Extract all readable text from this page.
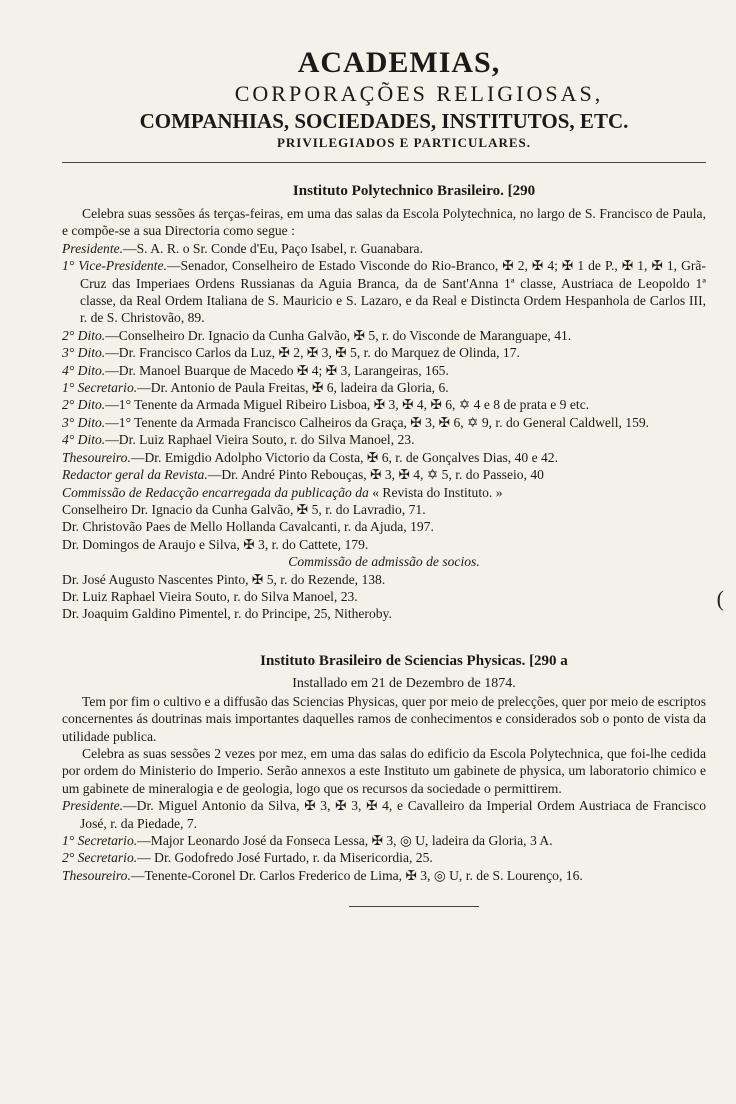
ACADEMIAS,
CORPORAÇÕES RELIGIOSAS,
COMPANHIAS, SOCIEDADES, INSTITUTOS, ETC.
PRIVILEGIADOS E PARTICULARES.
Instituto Polytechnico Brasileiro. [290

Celebra suas sessões ás terças-feiras, em uma das salas da Escola Polytechnica, no largo de S. Francisco de Paula, e compõe-se a sua Directoria como segue :

Presidente.—S. A. R. o Sr. Conde d'Eu, Paço Isabel, r. Guanabara.

1° Vice-Presidente.—Senador, Conselheiro de Estado Visconde do Rio-Branco, ✠ 2, ✠ 4; ✠ 1 de P., ✠ 1, ✠ 1, Grã-Cruz das Imperiaes Ordens Russianas da Aguia Branca, da de Sant'Anna 1ª classe, Austriaca de Leopoldo 1ª classe, da Real Ordem Italiana de S. Mauricio e S. Lazaro, e da Real e Distincta Ordem Hespanhola de Carlos III, r. de S. Christovão, 89.

2° Dito.—Conselheiro Dr. Ignacio da Cunha Galvão, ✠ 5, r. do Visconde de Maranguape, 41.

3° Dito.—Dr. Francisco Carlos da Luz, ✠ 2, ✠ 3, ✠ 5, r. do Marquez de Olinda, 17.

4° Dito.—Dr. Manoel Buarque de Macedo ✠ 4; ✠ 3, Larangeiras, 165.

1° Secretario.—Dr. Antonio de Paula Freitas, ✠ 6, ladeira da Gloria, 6.

2° Dito.—1° Tenente da Armada Miguel Ribeiro Lisboa, ✠ 3, ✠ 4, ✠ 6, ✡ 4 e 8 de prata e 9 etc.

3° Dito.—1° Tenente da Armada Francisco Calheiros da Graça, ✠ 3, ✠ 6, ✡ 9, r. do General Caldwell, 159.

4° Dito.—Dr. Luiz Raphael Vieira Souto, r. do Silva Manoel, 23.

Thesoureiro.—Dr. Emigdio Adolpho Victorio da Costa, ✠ 6, r. de Gonçalves Dias, 40 e 42.

Redactor geral da Revista.—Dr. André Pinto Rebouças, ✠ 3, ✠ 4, ✡ 5, r. do Passeio, 40

Commissão de Redacção encarregada da publicação da « Revista do Instituto. »

Conselheiro Dr. Ignacio da Cunha Galvão, ✠ 5, r. do Lavradio, 71.

Dr. Christovão Paes de Mello Hollanda Cavalcanti, r. da Ajuda, 197.

Dr. Domingos de Araujo e Silva, ✠ 3, r. do Cattete, 179.

Commissão de admissão de socios.

Dr. José Augusto Nascentes Pinto, ✠ 5, r. do Rezende, 138.

Dr. Luiz Raphael Vieira Souto, r. do Silva Manoel, 23.

Dr. Joaquim Galdino Pimentel, r. do Principe, 25, Nitheroby.

Instituto Brasileiro de Sciencias Physicas. [290 a
Installado em 21 de Dezembro de 1874.

Tem por fim o cultivo e a diffusão das Sciencias Physicas, quer por meio de prelecções, quer por meio de escriptos concernentes ás doutrinas mais importantes daquelles ramos de conhecimentos e considerados sob o ponto de vista da utilidade publica.

Celebra as suas sessões 2 vezes por mez, em uma das salas do edificio da Escola Polytechnica, que foi-lhe cedida por ordem do Ministerio do Imperio. Serão annexos a este Instituto um gabinete de physica, um laboratorio chimico e um gabinete de mineralogia e de geologia, logo que os recursos da sociedade o permittirem.

Presidente.—Dr. Miguel Antonio da Silva, ✠ 3, ✠ 3, ✠ 4, e Cavalleiro da Imperial Ordem Austriaca de Francisco José, r. da Piedade, 7.

1° Secretario.—Major Leonardo José da Fonseca Lessa, ✠ 3, ◎ U, ladeira da Gloria, 3 A.

2° Secretario.— Dr. Godofredo José Furtado, r. da Misericordia, 25.

Thesoureiro.—Tenente-Coronel Dr. Carlos Frederico de Lima, ✠ 3, ◎ U, r. de S. Lourenço, 16.

(
